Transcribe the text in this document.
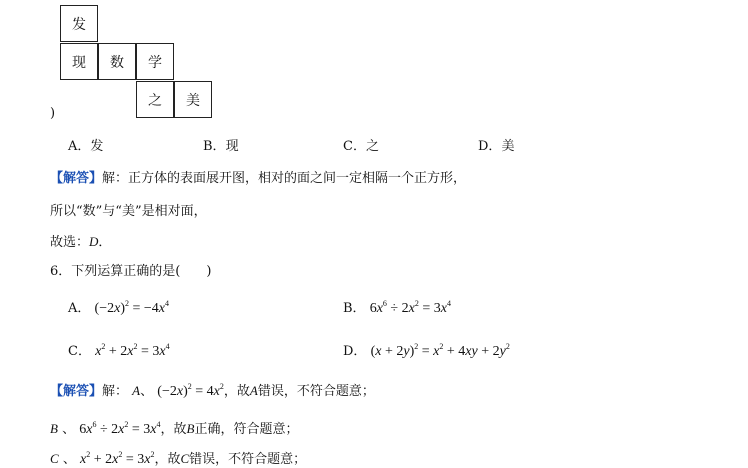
发
现	数	学
之	美
)
A．发	B．现	C．之	D．美
【解答】解：正方体的表面展开图，相对的面之间一定相隔一个正方形，
所以“数”与“美”是相对面，
故选：D．
6．下列运算正确的是(　　)
A． $(-2x)^2 = -4x^4$	B． $6x^6 \div 2x^2 = 3x^4$
C． $x^2 + 2x^2 = 3x^4$	D． $(x + 2y)^2 = x^2 + 4xy + 2y^2$
【解答】解： A、 $(-2x)^2 = 4x^2$，故A错误，不符合题意；
B 、 $6x^6 \div 2x^2 = 3x^4$，故B正确，符合题意；
C 、 $x^2 + 2x^2 = 3x^2$，故C错误，不符合题意；
